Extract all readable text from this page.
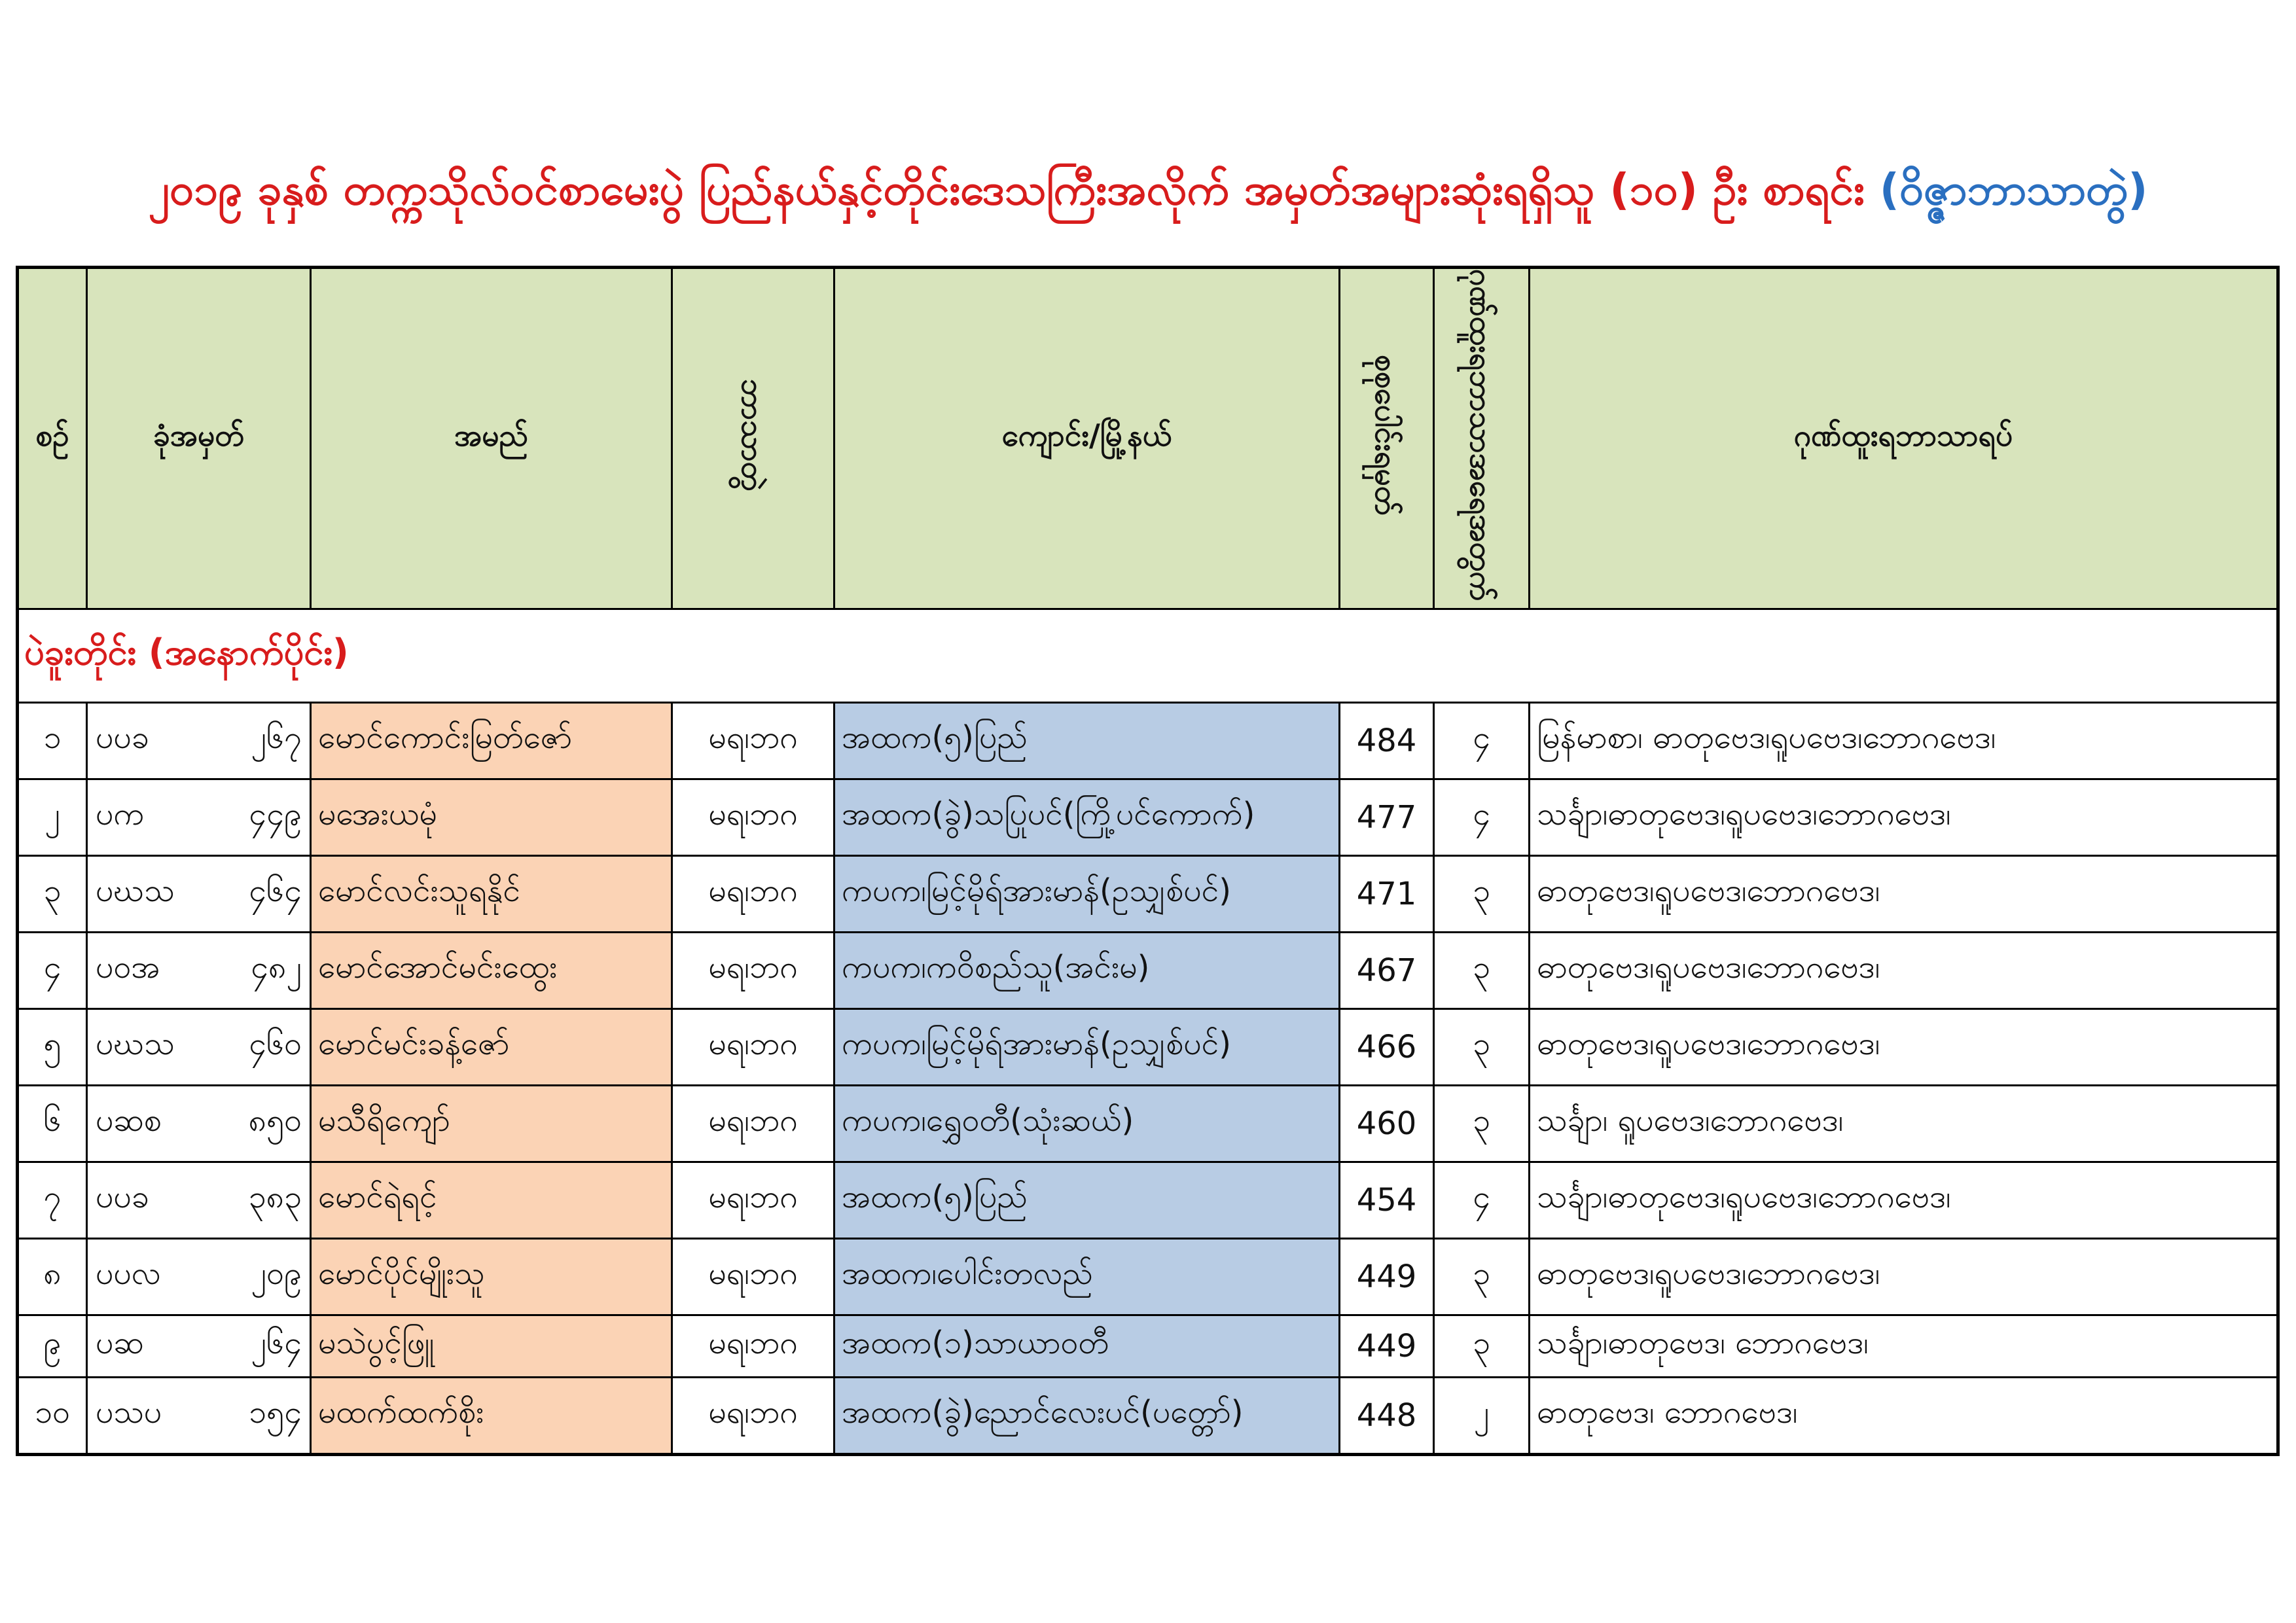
၂၀၁၉ ခုနှစ် တက္ကသိုလ်ဝင်စာမေးပွဲ ပြည်နယ်နှင့်တိုင်းဒေသကြီးအလိုက် အမှတ်အများဆုံးရရှိသူ (၁၀) ဦး စာရင်း (ဝိဇ္ဇာဘာသာတွဲ)
စဉ်	ခုံအမှတ်	အမည်	ဘာသာတွဲ	ကျောင်း/မြို့နယ်	စုစုပေါင်းရမှတ်	ဂုဏ်ထူးရဘာသာအရေအတွက်	ဂုဏ်ထူးရဘာသာရပ်
ပဲခူးတိုင်း (အနောက်ပိုင်း)							
၁	ပပခ ၂၆၇	မောင်ကောင်းမြတ်ဇော်	မရ၊ဘဂ	အထက(၅)ပြည်	484	၄	မြန်မာစာ၊ ဓာတုဗေဒ၊ရူပဗေဒ၊ဘောဂဗေဒ၊
၂	ပက ၄၄၉	မအေးယမုံ	မရ၊ဘဂ	အထက(ခွဲ)သပြုပင်(ကြို့ပင်ကောက်)	477	၄	သင်္ချာ၊ဓာတုဗေဒ၊ရူပဗေဒ၊ဘောဂဗေဒ၊
၃	ပဃသ ၄၆၄	မောင်လင်းသူရနိုင်	မရ၊ဘဂ	ကပက၊မြင့်မိုရ်အားမာန်(ဥသျှစ်ပင်)	471	၃	ဓာတုဗေဒ၊ရူပဗေဒ၊ဘောဂဗေဒ၊
၄	ပဝအ ၄၈၂	မောင်အောင်မင်းထွေး	မရ၊ဘဂ	ကပက၊ကဝိစည်သူ(အင်းမ)	467	၃	ဓာတုဗေဒ၊ရူပဗေဒ၊ဘောဂဗေဒ၊
၅	ပဃသ ၄၆၀	မောင်မင်းခန့်ဇော်	မရ၊ဘဂ	ကပက၊မြင့်မိုရ်အားမာန်(ဥသျှစ်ပင်)	466	၃	ဓာတုဗေဒ၊ရူပဗေဒ၊ဘောဂဗေဒ၊
၆	ပဆစ ၈၅၀	မသီရိကျော်	မရ၊ဘဂ	ကပက၊ရွှေဝတီ(သုံးဆယ်)	460	၃	သင်္ချာ၊ ရူပဗေဒ၊ဘောဂဗေဒ၊
၇	ပပခ ၃၈၃	မောင်ရဲရင့်	မရ၊ဘဂ	အထက(၅)ပြည်	454	၄	သင်္ချာ၊ဓာတုဗေဒ၊ရူပဗေဒ၊ဘောဂဗေဒ၊
၈	ပပလ ၂၀၉	မောင်ပိုင်မျိုးသူ	မရ၊ဘဂ	အထက၊ပေါင်းတလည်	449	၃	ဓာတုဗေဒ၊ရူပဗေဒ၊ဘောဂဗေဒ၊
၉	ပဆ ၂၆၄	မသဲပွင့်ဖြူ	မရ၊ဘဂ	အထက(၁)သာယာဝတီ	449	၃	သင်္ချာ၊ဓာတုဗေဒ၊ ဘောဂဗေဒ၊
၁၀	ပသပ ၁၅၄	မထက်ထက်စိုး	မရ၊ဘဂ	အထက(ခွဲ)ညောင်လေးပင်(ပတ္တော်)	448	၂	ဓာတုဗေဒ၊ ဘောဂဗေဒ၊
